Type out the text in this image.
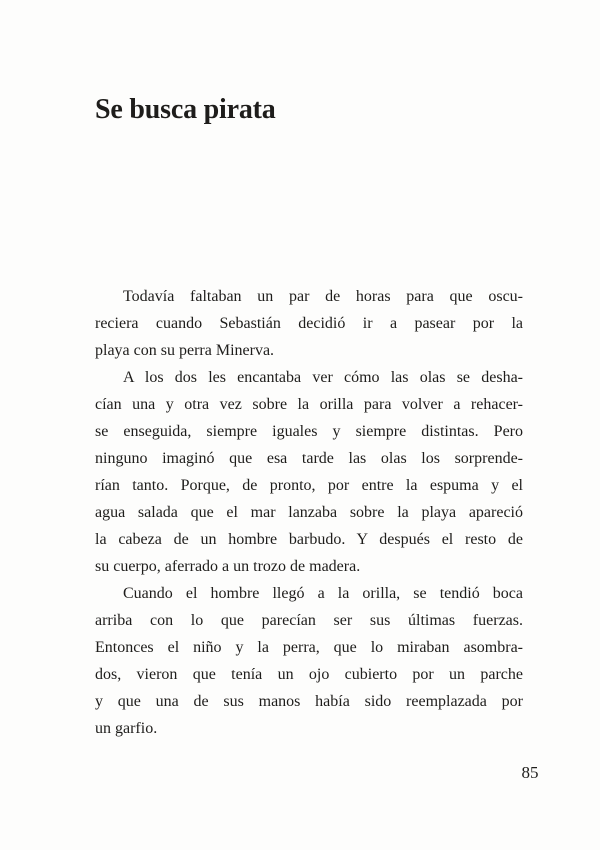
Se busca pirata

Todavía faltaban un par de horas para que oscu-
reciera cuando Sebastián decidió ir a pasear por la
playa con su perra Minerva.

A los dos les encantaba ver cómo las olas se desha-
cían una y otra vez sobre la orilla para volver a rehacer-
se enseguida, siempre iguales y siempre distintas. Pero
ninguno imaginó que esa tarde las olas los sorprende-
rían tanto. Porque, de pronto, por entre la espuma y el
agua salada que el mar lanzaba sobre la playa apareció
la cabeza de un hombre barbudo. Y después el resto de
su cuerpo, aferrado a un trozo de madera.

Cuando el hombre llegó a la orilla, se tendió boca
arriba con lo que parecían ser sus últimas fuerzas.
Entonces el niño y la perra, que lo miraban asombra-
dos, vieron que tenía un ojo cubierto por un parche
y que una de sus manos había sido reemplazada por
un garfio.

85
